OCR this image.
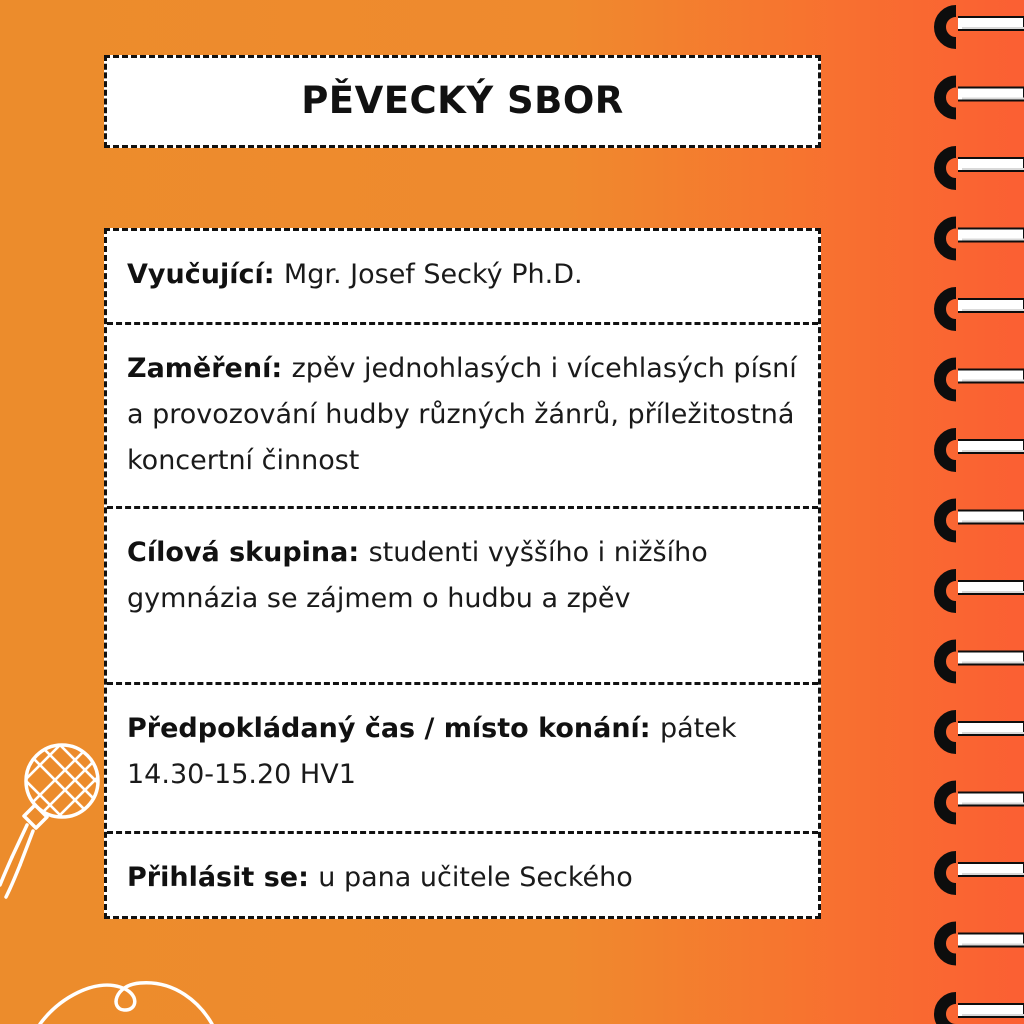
PĚVECKÝ SBOR
Vyučující: Mgr. Josef Secký Ph.D.
Zaměření: zpěv jednohlasých i vícehlasých písní a provozování hudby různých žánrů, příležitostná koncertní činnost
Cílová skupina:studenti vyššího i nižšího gymnázia se zájmem o hudbu a zpěv
Předpokládaný čas / místo konání: pátek 14.30-15.20 HV1
Přihlásit se: u pana učitele Seckého
